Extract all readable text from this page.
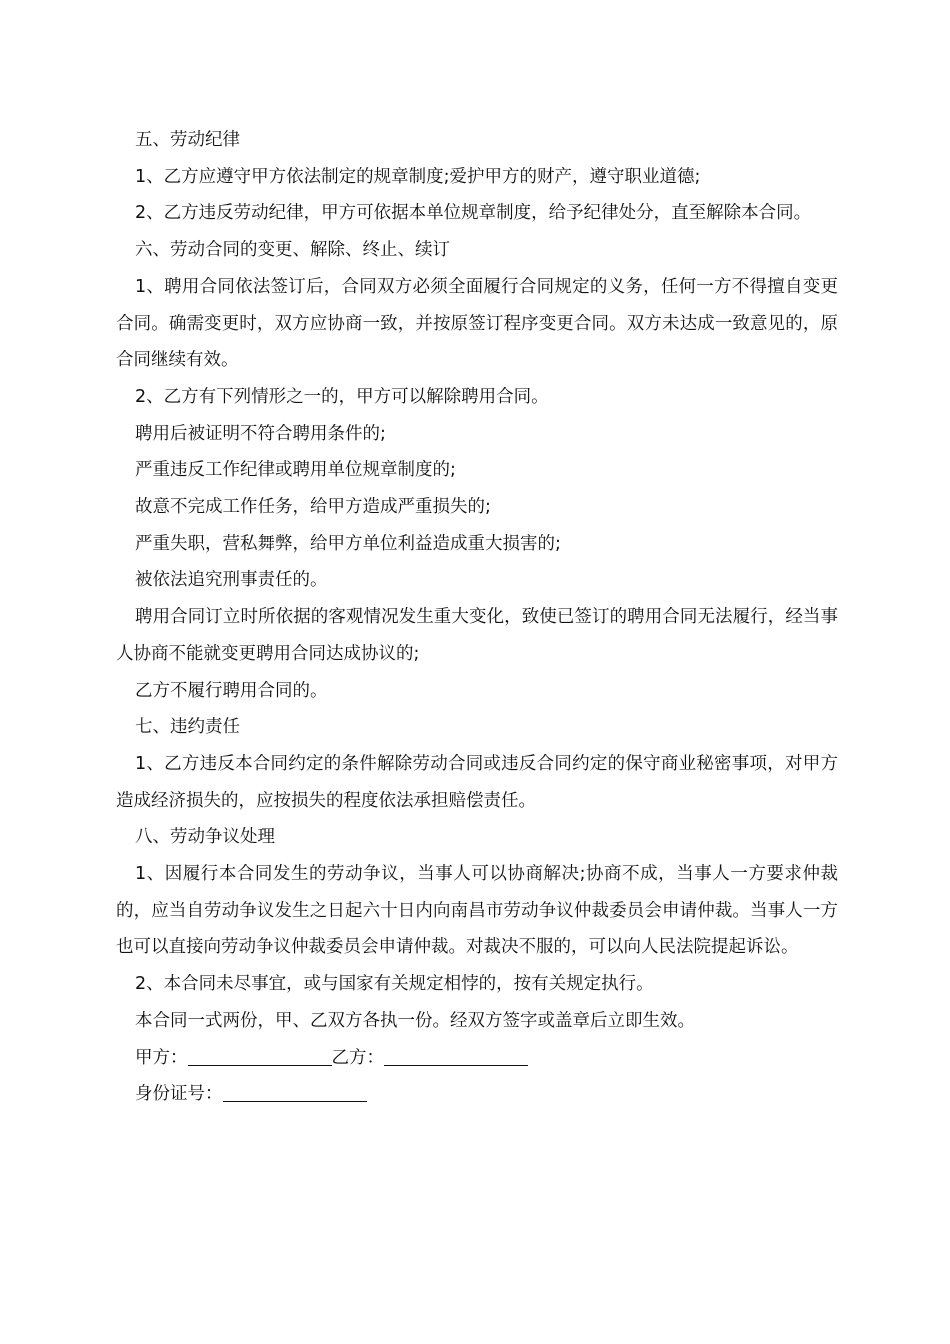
五、劳动纪律

1、乙方应遵守甲方依法制定的规章制度;爱护甲方的财产，遵守职业道德;

2、乙方违反劳动纪律，甲方可依据本单位规章制度，给予纪律处分，直至解除本合同。

六、劳动合同的变更、解除、终止、续订

1、聘用合同依法签订后，合同双方必须全面履行合同规定的义务，任何一方不得擅自变更合同。确需变更时，双方应协商一致，并按原签订程序变更合同。双方未达成一致意见的，原合同继续有效。

2、乙方有下列情形之一的，甲方可以解除聘用合同。

聘用后被证明不符合聘用条件的;

严重违反工作纪律或聘用单位规章制度的;

故意不完成工作任务，给甲方造成严重损失的;

严重失职，营私舞弊，给甲方单位利益造成重大损害的;

被依法追究刑事责任的。

聘用合同订立时所依据的客观情况发生重大变化，致使已签订的聘用合同无法履行，经当事人协商不能就变更聘用合同达成协议的;

乙方不履行聘用合同的。

七、违约责任

1、乙方违反本合同约定的条件解除劳动合同或违反合同约定的保守商业秘密事项，对甲方造成经济损失的，应按损失的程度依法承担赔偿责任。

八、劳动争议处理

1、因履行本合同发生的劳动争议，当事人可以协商解决;协商不成，当事人一方要求仲裁的，应当自劳动争议发生之日起六十日内向南昌市劳动争议仲裁委员会申请仲裁。当事人一方也可以直接向劳动争议仲裁委员会申请仲裁。对裁决不服的，可以向人民法院提起诉讼。

2、本合同未尽事宜，或与国家有关规定相悖的，按有关规定执行。

本合同一式两份，甲、乙双方各执一份。经双方签字或盖章后立即生效。

甲方：	乙方：

身份证号：
